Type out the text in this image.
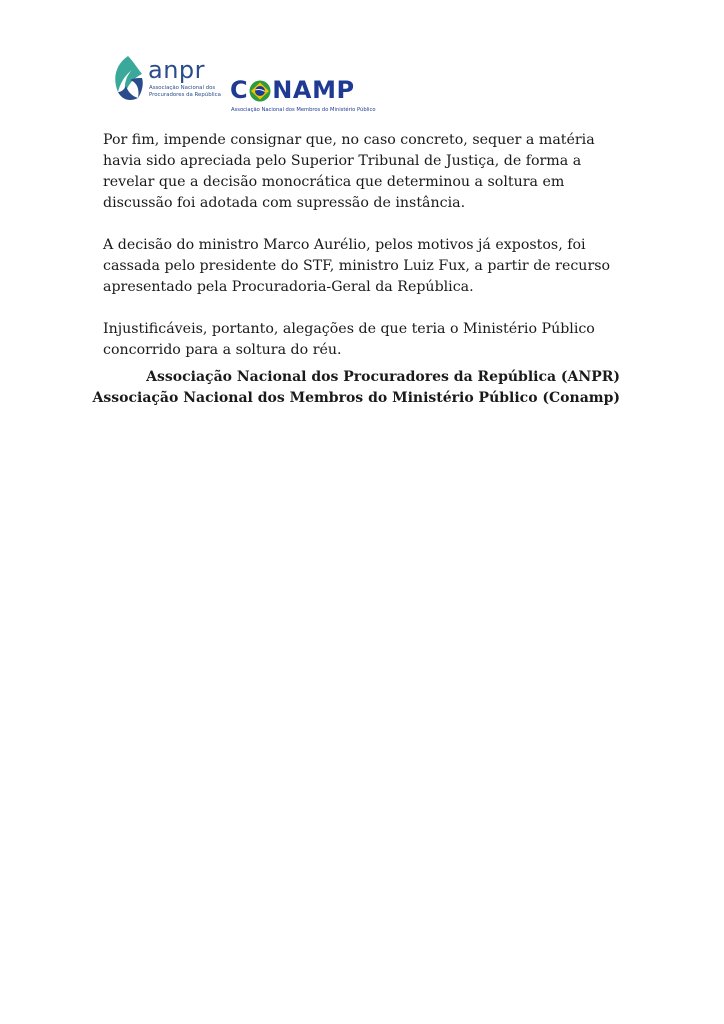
anpr
Associação Nacional dos Procuradores da República C NAMP
Associação Nacional dos Membros do Ministério Público

Por fim, impende consignar que, no caso concreto, sequer a matéria havia sido apreciada pelo Superior Tribunal de Justiça, de forma a revelar que a decisão monocrática que determinou a soltura em discussão foi adotada com supressão de instância.

A decisão do ministro Marco Aurélio, pelos motivos já expostos, foi cassada pelo presidente do STF, ministro Luiz Fux, a partir de recurso apresentado pela Procuradoria-Geral da República.

Injustificáveis, portanto, alegações de que teria o Ministério Público concorrido para a soltura do réu.

Associação Nacional dos Procuradores da República (ANPR)
Associação Nacional dos Membros do Ministério Público (Conamp)
